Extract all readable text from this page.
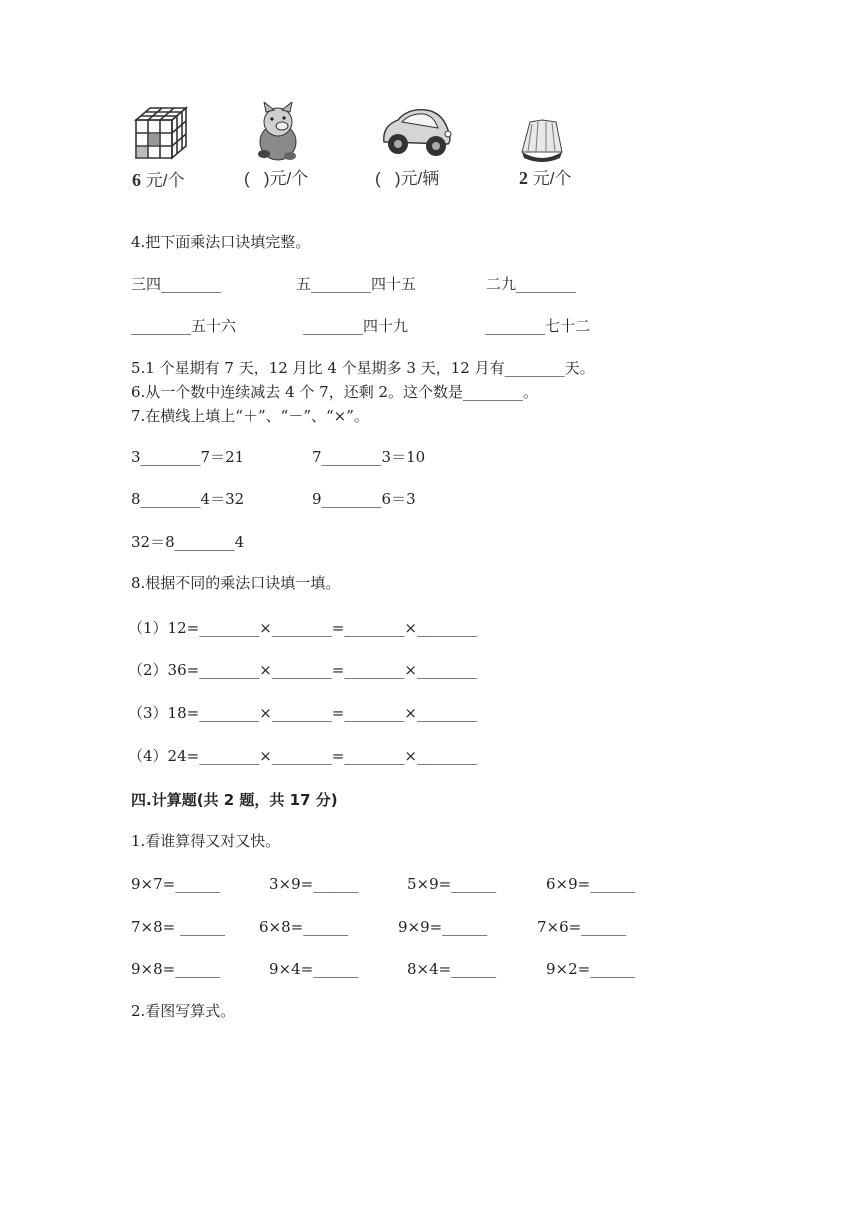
6 元/个	(   )元/个	(   )元/辆	2 元/个
4.把下面乘法口诀填完整。
三四________	五________四十五	二九________
________五十六	________四十九	________七十二
5.1 个星期有 7 天，12 月比 4 个星期多 3 天，12 月有________天。
6.从一个数中连续减去 4 个 7，还剩 2。这个数是________。
7.在横线上填上“＋”、“－”、“×”。
3________7＝21	7________3＝10
8________4＝32	9________6＝3
32＝8________4
8.根据不同的乘法口诀填一填。
（1）12=________×________=________×________
（2）36=________×________=________×________
（3）18=________×________=________×________
（4）24=________×________=________×________
四.计算题(共 2 题，共 17 分)
1.看谁算得又对又快。
9×7=______	3×9=______	5×9=______	6×9=______
7×8= ______ 6×8=______	9×9=______	7×6=______
9×8=______	9×4=______	8×4=______	9×2=______
2.看图写算式。
